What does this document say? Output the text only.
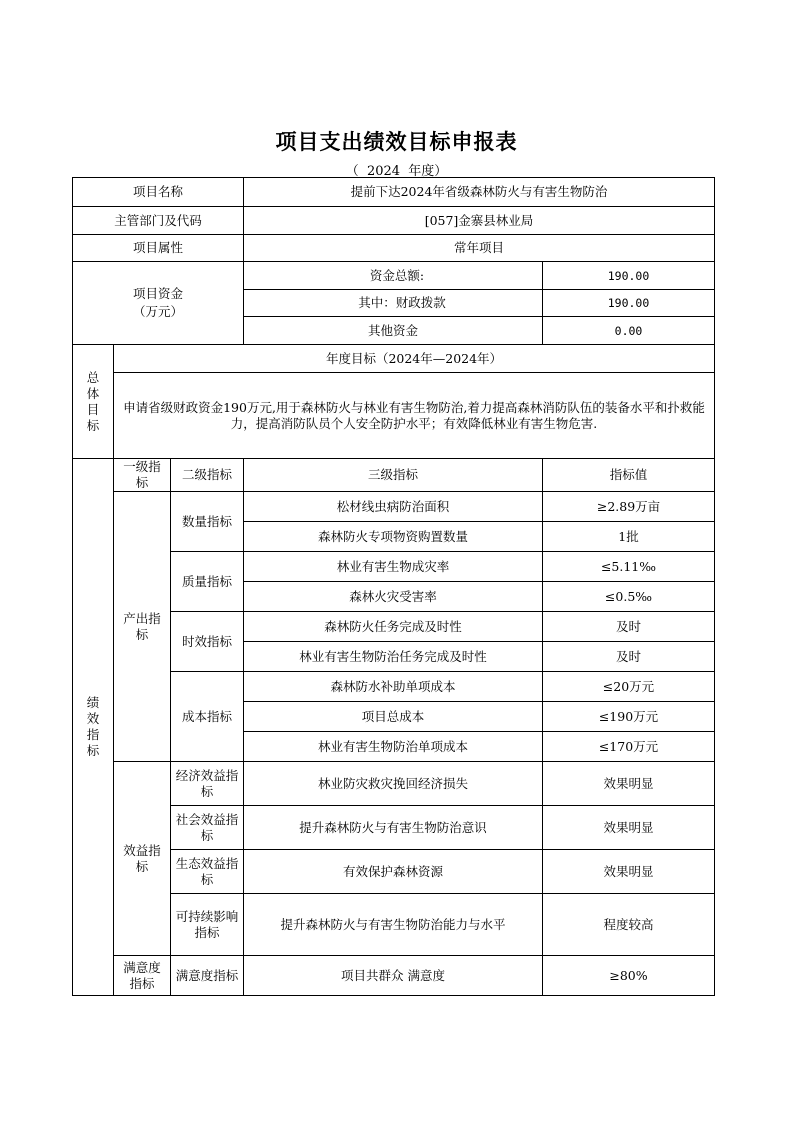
项目支出绩效目标申报表
（  2024  年度）
项目名称			提前下达2024年省级森林防火与有害生物防治	
主管部门及代码			[057]金寨县林业局	
项目属性			常年项目	
项目资金
（万元）			资金总额:	190.00
			其中：财政拨款	190.00
			其他资金	0.00
总体目标	年度目标（2024年—2024年）			
	申请省级财政资金190万元,用于森林防火与林业有害生物防治,着力提高森林消防队伍的装备水平和扑救能力，提高消防队员个人安全防护水平；有效降低林业有害生物危害.			
绩效指标	一级指标	二级指标	三级指标	指标值
	产出指标	数量指标	松材线虫病防治面积	≥2.89万亩
			森林防火专项物资购置数量	1批
		质量指标	林业有害生物成灾率	≤5.11‰
			森林火灾受害率	≤0.5‰
		时效指标	森林防火任务完成及时性	及时
			林业有害生物防治任务完成及时性	及时
		成本指标	森林防水补助单项成本	≤20万元
			项目总成本	≤190万元
			林业有害生物防治单项成本	≤170万元
	效益指标	经济效益指标	林业防灾救灾挽回经济损失	效果明显
		社会效益指标	提升森林防火与有害生物防治意识	效果明显
		生态效益指标	有效保护森林资源	效果明显
		可持续影响指标	提升森林防火与有害生物防治能力与水平	程度较高
	满意度指标	满意度指标	项目共群众 满意度	≥80%
